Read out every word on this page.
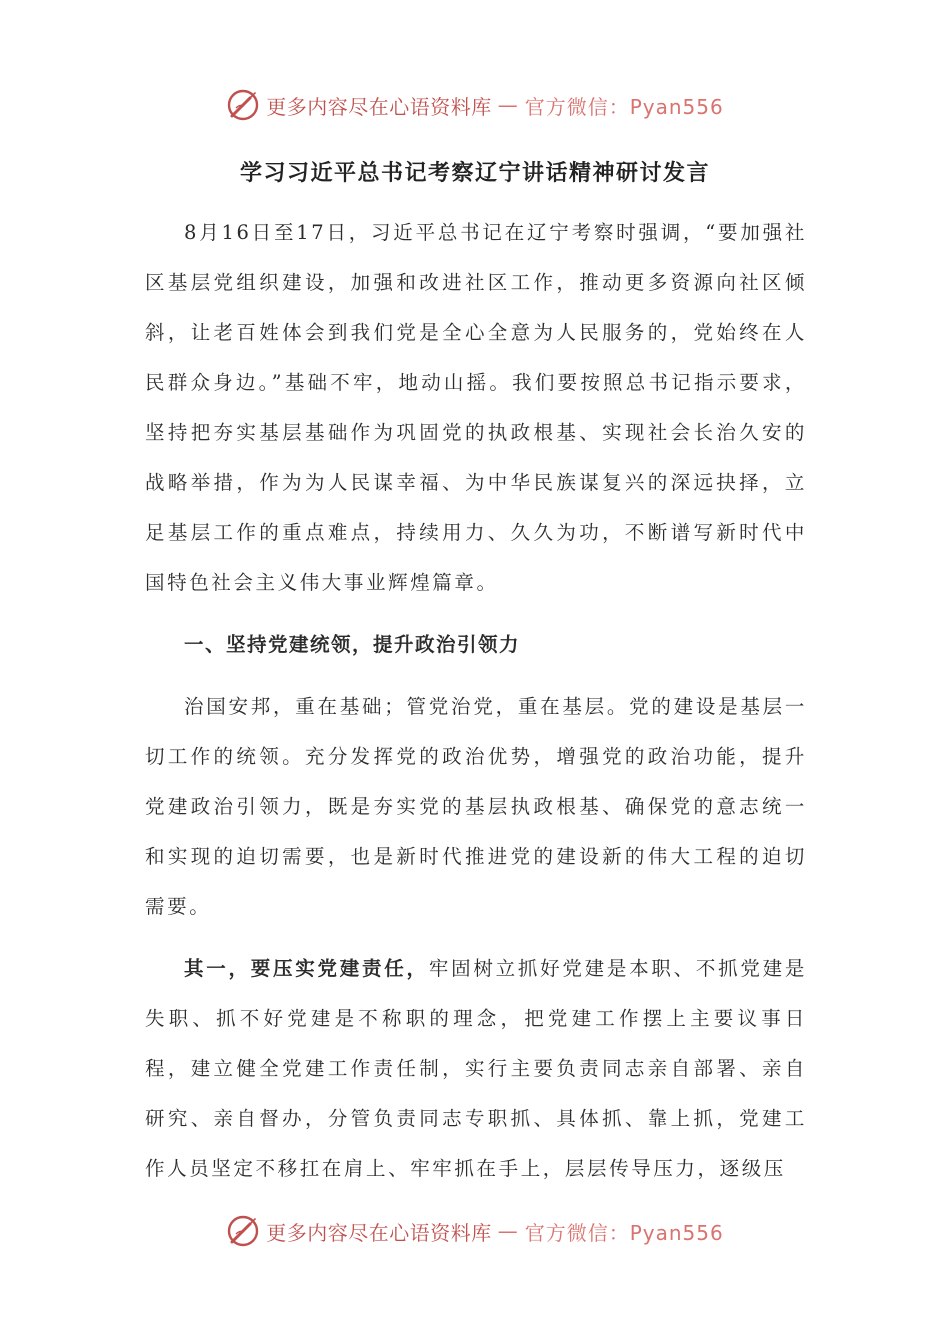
更多内容尽在心语资料库 — 官方微信：Pyan556
学习习近平总书记考察辽宁讲话精神研讨发言

8月16日至17日，习近平总书记在辽宁考察时强调，“要加强社区基层党组织建设，加强和改进社区工作，推动更多资源向社区倾斜，让老百姓体会到我们党是全心全意为人民服务的，党始终在人民群众身边。”基础不牢，地动山摇。我们要按照总书记指示要求，坚持把夯实基层基础作为巩固党的执政根基、实现社会长治久安的战略举措，作为为人民谋幸福、为中华民族谋复兴的深远抉择，立足基层工作的重点难点，持续用力、久久为功，不断谱写新时代中国特色社会主义伟大事业辉煌篇章。

一、坚持党建统领，提升政治引领力

治国安邦，重在基础；管党治党，重在基层。党的建设是基层一切工作的统领。充分发挥党的政治优势，增强党的政治功能，提升党建政治引领力，既是夯实党的基层执政根基、确保党的意志统一和实现的迫切需要，也是新时代推进党的建设新的伟大工程的迫切需要。

其一，要压实党建责任，牢固树立抓好党建是本职、不抓党建是失职、抓不好党建是不称职的理念，把党建工作摆上主要议事日程，建立健全党建工作责任制，实行主要负责同志亲自部署、亲自研究、亲自督办，分管负责同志专职抓、具体抓、靠上抓，党建工作人员坚定不移扛在肩上、牢牢抓在手上，层层传导压力，逐级压

更多内容尽在心语资料库 — 官方微信：Pyan556
